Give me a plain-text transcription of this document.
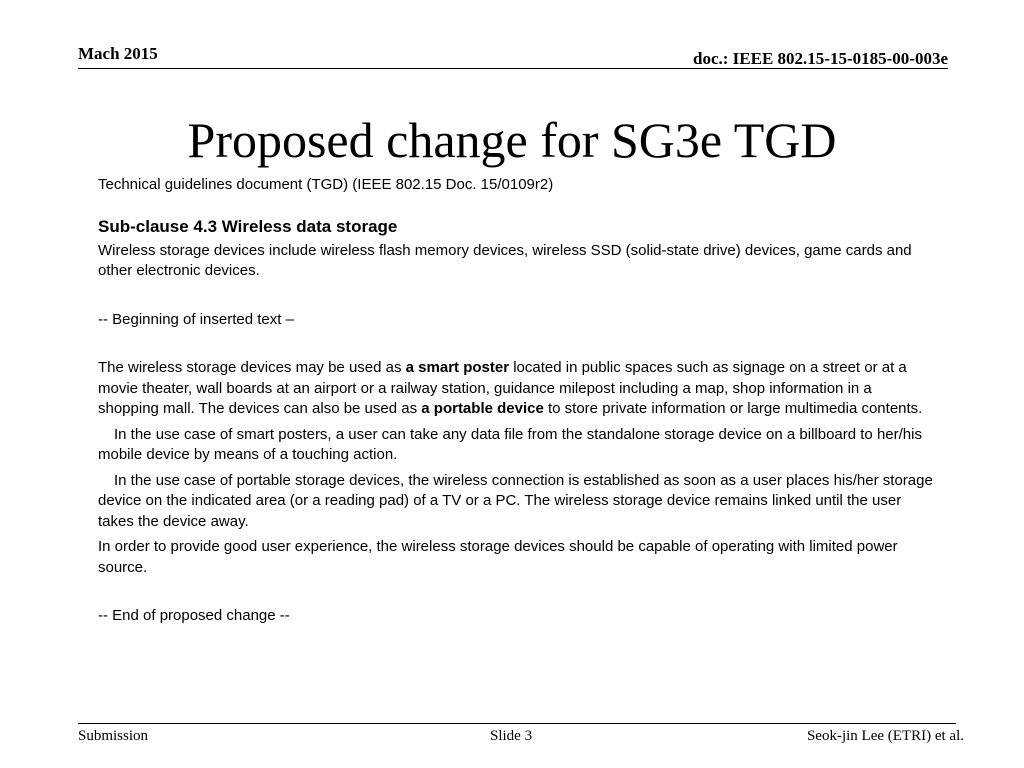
Mach 2015	doc.: IEEE 802.15-15-0185-00-003e
Proposed change for SG3e TGD

Technical guidelines document (TGD) (IEEE 802.15 Doc. 15/0109r2)

Sub-clause 4.3 Wireless data storage

Wireless storage devices include wireless flash memory devices, wireless SSD (solid-state drive) devices, game cards and other electronic devices.

-- Beginning of inserted text –

The wireless storage devices may be used as a smart poster located in public spaces such as signage on a street or at a movie theater, wall boards at an airport or a railway station, guidance milepost including a map, shop information in a shopping mall. The devices can also be used as a portable device to store private information or large multimedia contents.

In the use case of smart posters, a user can take any data file from the standalone storage device on a billboard to her/his mobile device by means of a touching action.

In the use case of portable storage devices, the wireless connection is established as soon as a user places his/her storage device on the indicated area (or a reading pad) of a TV or a PC. The wireless storage device remains linked until the user takes the device away.

In order to provide good user experience, the wireless storage devices should be capable of operating with limited power source.

-- End of proposed change --

Submission	Slide 3	Seok-jin Lee (ETRI) et al.
